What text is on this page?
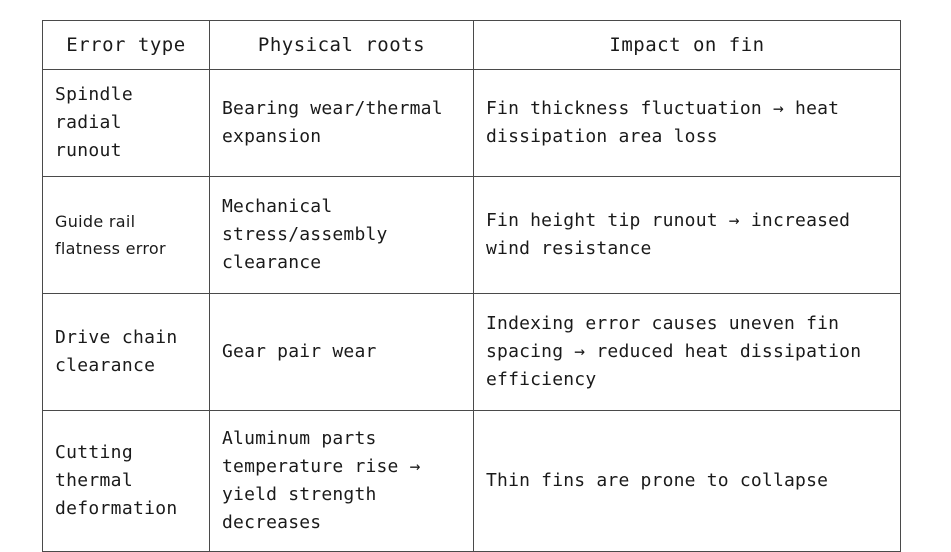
Error type	Physical roots	Impact on fin
Spindle radial runout	Bearing wear/thermal expansion	Fin thickness fluctuation → heat dissipation area loss
Guide rail flatness error	Mechanical stress/assembly clearance	Fin height tip runout → increased wind resistance
Drive chain clearance	Gear pair wear	Indexing error causes uneven fin spacing → reduced heat dissipation efficiency
Cutting thermal deformation	Aluminum parts temperature rise → yield strength decreases	Thin fins are prone to collapse
